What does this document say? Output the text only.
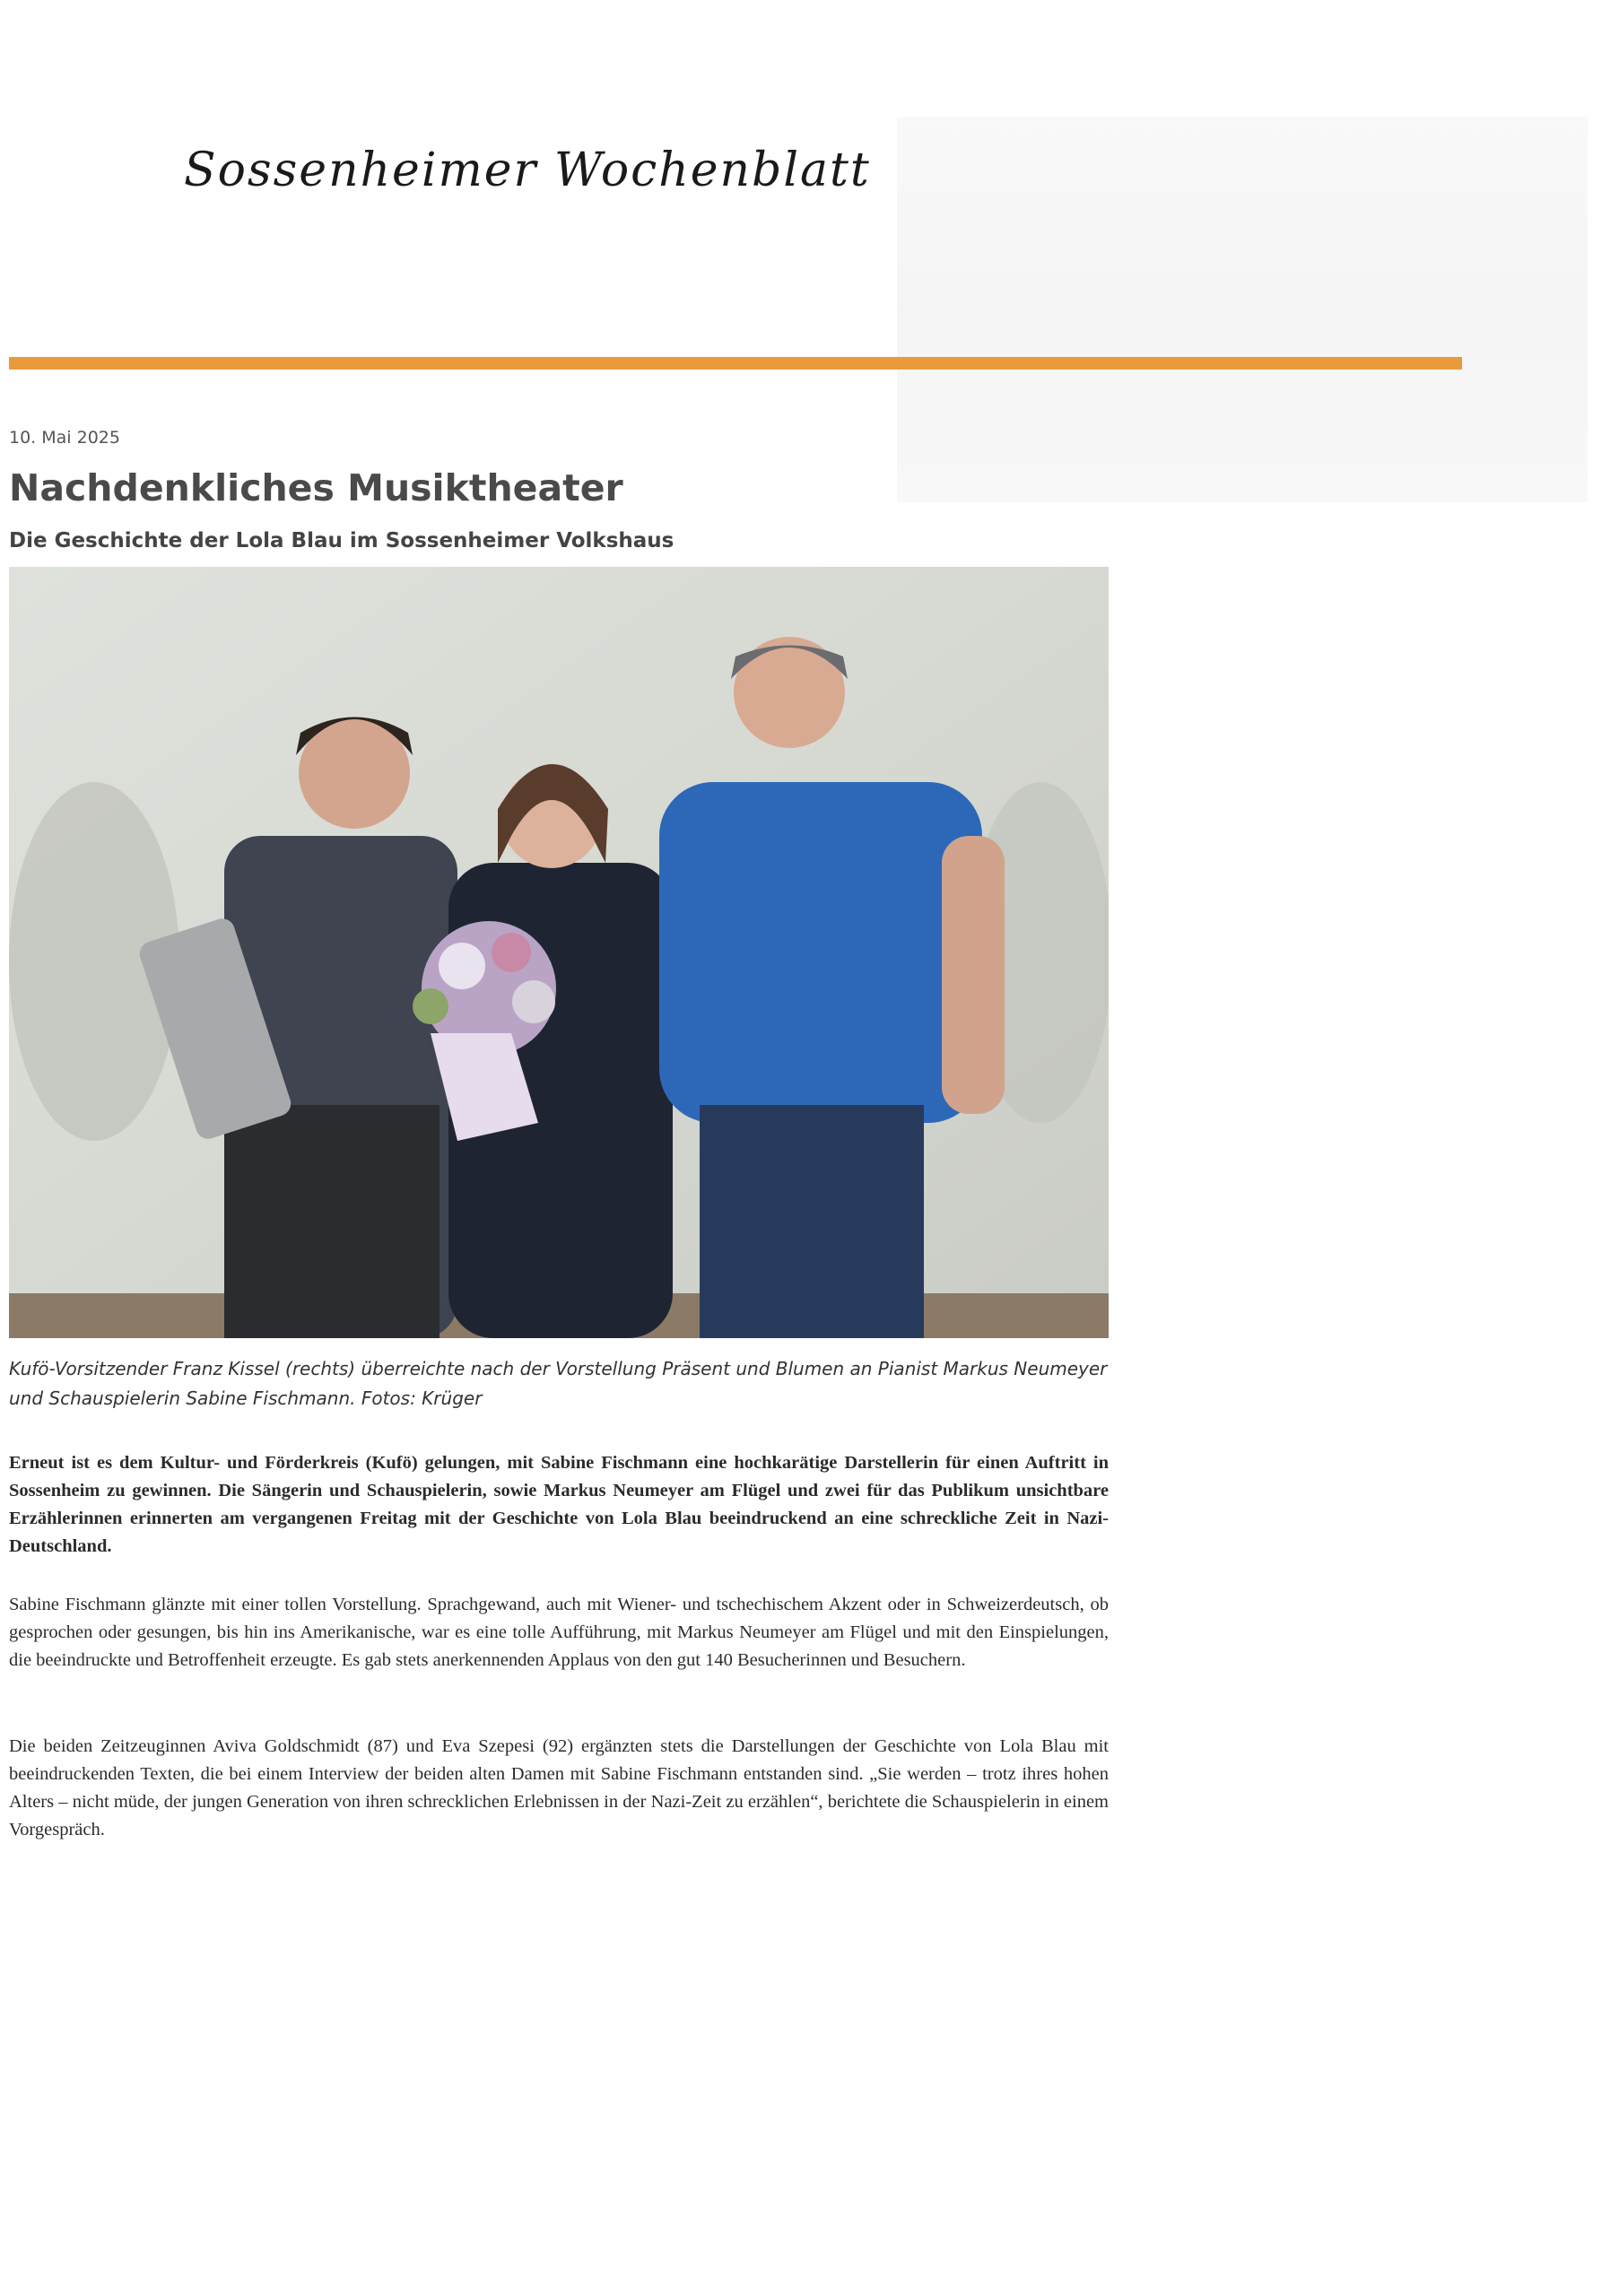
Sossenheimer Wochenblatt
10. Mai 2025
Nachdenkliches Musiktheater
Die Geschichte der Lola Blau im Sossenheimer Volkshaus
Kufö-Vorsitzender Franz Kissel (rechts) überreichte nach der Vorstellung Präsent und Blumen an Pianist Markus Neumeyer und Schauspielerin Sabine Fischmann. Fotos: Krüger

Erneut ist es dem Kultur- und Förderkreis (Kufö) gelungen, mit Sabine Fischmann eine hochkarätige Darstellerin für einen Auftritt in Sossenheim zu gewinnen. Die Sängerin und Schauspielerin, sowie Markus Neumeyer am Flügel und zwei für das Publikum unsichtbare Erzählerinnen erinnerten am vergangenen Freitag mit der Geschichte von Lola Blau beeindruckend an eine schreckliche Zeit in Nazi-Deutschland.

Sabine Fischmann glänzte mit einer tollen Vorstellung. Sprachgewand, auch mit Wiener- und tschechischem Akzent oder in Schweizerdeutsch, ob gesprochen oder gesungen, bis hin ins Amerikanische, war es eine tolle Aufführung, mit Markus Neumeyer am Flügel und mit den Einspielungen, die beeindruckte und Betroffenheit erzeugte. Es gab stets anerkennenden Applaus von den gut 140 Besucherinnen und Besuchern.

Die beiden Zeitzeuginnen Aviva Goldschmidt (87) und Eva Szepesi (92) ergänzten stets die Darstellungen der Geschichte von Lola Blau mit beeindruckenden Texten, die bei einem Interview der beiden alten Damen mit Sabine Fischmann entstanden sind. „Sie werden – trotz ihres hohen Alters – nicht müde, der jungen Generation von ihren schrecklichen Erlebnissen in der Nazi-Zeit zu erzählen“, berichtete die Schauspielerin in einem Vorgespräch.
